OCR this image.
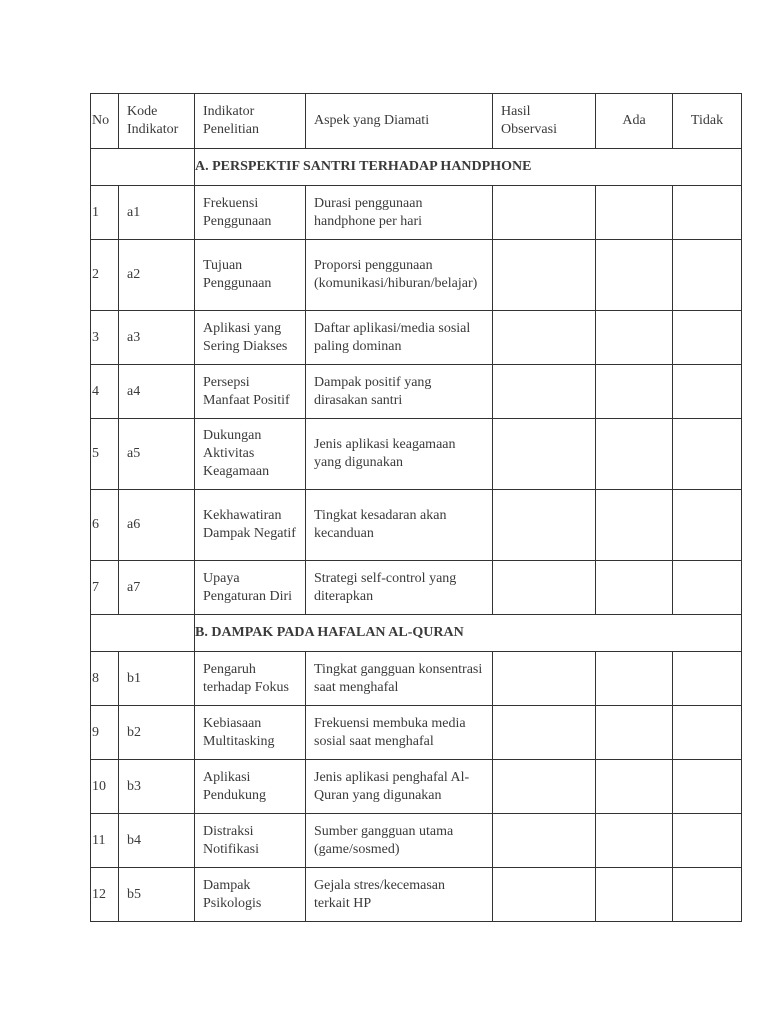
No	Kode Indikator	Indikator Penelitian	Aspek yang Diamati	Hasil Observasi	Ada	Tidak
		A. PERSPEKTIF SANTRI TERHADAP HANDPHONE				
1	a1	Frekuensi Penggunaan	Durasi penggunaan handphone per hari			
2	a2	Tujuan Penggunaan	Proporsi penggunaan (komunikasi/hiburan/belajar)			
3	a3	Aplikasi yang Sering Diakses	Daftar aplikasi/media sosial paling dominan			
4	a4	Persepsi Manfaat Positif	Dampak positif yang dirasakan santri			
5	a5	Dukungan Aktivitas Keagamaan	Jenis aplikasi keagamaan yang digunakan			
6	a6	Kekhawatiran Dampak Negatif	Tingkat kesadaran akan kecanduan			
7	a7	Upaya Pengaturan Diri	Strategi self-control yang diterapkan			
		B. DAMPAK PADA HAFALAN AL-QURAN				
8	b1	Pengaruh terhadap Fokus	Tingkat gangguan konsentrasi saat menghafal			
9	b2	Kebiasaan Multitasking	Frekuensi membuka media sosial saat menghafal			
10	b3	Aplikasi Pendukung	Jenis aplikasi penghafal Al-Quran yang digunakan			
11	b4	Distraksi Notifikasi	Sumber gangguan utama (game/sosmed)			
12	b5	Dampak Psikologis	Gejala stres/kecemasan terkait HP			
